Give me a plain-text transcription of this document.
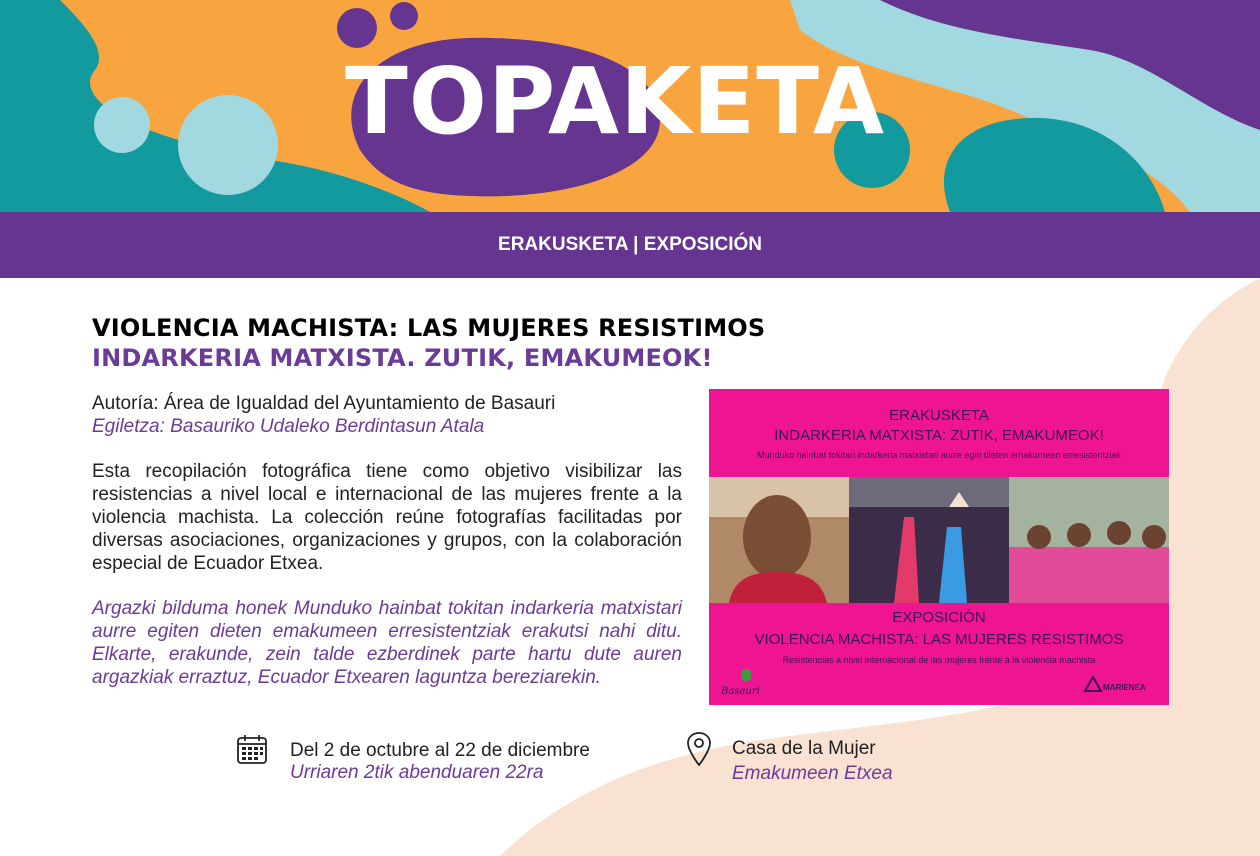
TOPAKETA
ERAKUSKETA | EXPOSICIÓN
VIOLENCIA MACHISTA: LAS MUJERES RESISTIMOS
INDARKERIA MATXISTA. ZUTIK, EMAKUMEOK!
Autoría: Área de Igualdad del Ayuntamiento de Basauri
Egiletza: Basauriko Udaleko Berdintasun Atala

Esta recopilación fotográfica tiene como objetivo visibilizar las resistencias a nivel local e internacional de las mujeres frente a la violencia machista. La colección reúne fotografías facilitadas por diversas asociaciones, organizaciones y grupos, con la colaboración especial de Ecuador Etxea.

Argazki bilduma honek Munduko hainbat tokitan indarkeria matxistari aurre egiten dieten emakumeen erresistentziak erakutsi nahi ditu. Elkarte, erakunde, zein talde ezberdinek parte hartu dute auren argazkiak erraztuz, Ecuador Etxearen laguntza bereziarekin.

ERAKUSKETA
INDARKERIA MATXISTA: ZUTIK, EMAKUMEOK!
Munduko hainbat tokitan indarkeria matxistari aurre egin dieten emakumeen erresistentziak
EXPOSICIÓN
VIOLENCIA MACHISTA: LAS MUJERES RESISTIMOS
Resistencias a nivel internacional de las mujeres frente a la violencia machista
Basauri	MARIENEA
Del 2 de octubre al 22 de diciembre
Urriaren 2tik abenduaren 22ra
Casa de la Mujer
Emakumeen Etxea
